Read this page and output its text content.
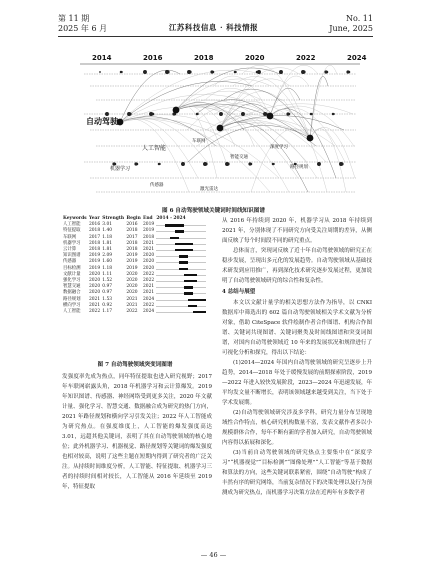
第 11 期
2025 年 6 月	江苏科技信息 · 科技情报
No. 11
June, 2025
2014	2016	2018	2020	2022	2024
自动驾驶
人工智能
机器学习
车联网
智能交通
深度学习
路径规划
传感器
激光雷达
图 6 自动驾驶领域关键词时间线知识图谱
Keywords	Year	Strength	Begin	End	2014 - 2024
人工智能	2016	3.01	2016	2019	

特征提取	2018	1.40	2018	2019	

车联网	2017	1.18	2017	2018	

机器学习	2018	1.81	2018	2021	

云计算	2018	1.81	2018	2021	

知识图谱	2019	2.09	2019	2020	

传感器	2019	1.60	2019	2020	

目标检测	2019	1.18	2019	2020	

文献计量	2020	1.11	2020	2022	

强化学习	2020	1.52	2020	2022	

智慧交通	2020	0.97	2020	2021	

数据融合	2020	0.97	2020	2021	

路径规划	2021	1.53	2021	2024	

横向学习	2021	0.92	2021	2022	

人工智能	2022	1.17	2022	2024	
图 7 自动驾驶领域突变词图谱

发强度率先成为热点，同年特征提取也进入研究视野；2017 年车联网崭露头角，2018 年机器学习和云计算爆发。2019 年知识图谱、传感器、神经网络受到更多关注，2020 年文献计量、强化学习、智慧交通、数据融合成为研究的热门方向，2021 年路径规划和横向学习引发关注；2022 年人工智能成为研究热点。在强度维度上，人工智能的爆发强度高达 3.01，远超其他关键词，表明了其在自动驾驶领域的核心地位；此外机器学习、机器视觉、路径规划等关键词的爆发强度也相对较高，说明了这些主题在短期内得到了研究者的广泛关注。从持续时间维度分析，人工智能、特征提取、机器学习三者的持续时间相对较长，人工智能从 2016 年延续至 2019 年，特征提取

从 2016 年持续到 2020 年，机器学习从 2018 年持续到 2021 年，分别体现了不同研究方向受关注周期的差异，从侧面反映了每个时间段不同的研究重点。

总体而言，突现词反映了近十年自动驾驶领域的研究正在稳步发展，呈现出多元化的发展趋势。自动驾驶领域从基础技术研发到应用推广，再到深化技术研究逐步发展过程，更加说明了自动驾驶领域研究的综合性和复杂性。

4 总结与展望

本文以文献计量学的相关思想方法作为指导，以 CNKI 数据库中筛选出的 602 篇自动驾驶领域相关学术文献为分析对象，借助 CiteSpace 软件绘制作者合作图谱、机构合作图谱、关键词共现图谱、关键词聚类及时间线图谱和突变词图谱，对国内自动驾驶领域近 10 年来的发展状况和规律进行了可视化分析和探究，得出以下结论：

(1)2014—2024 年国内自动驾驶领域的研究呈逐步上升趋势，2014—2018 年处于缓慢发展的前期探索阶段，2019—2022 年进入较快发展阶段，2023—2024 年迅速发展，年平均发文量不断增长，表明该领域越来越受到关注，当下处于学术发展期。

(2)自动驾驶领域研究涉及多学科，研究力量分布呈现地域性合作特点，核心研究机构数量不富，发表文献作者多以小规模群体合作，每年不断有新的学者加入研究，自动驾驶领域内容得以拓展和深化。

(3)当前自动驾驶领域的研究热点主要集中在“深度学习”“机器视觉”“目标检测”“图像处理”“人工智能”等基于数据和算法的方向，这些关键词联系紧密，围绕“自动驾驶”构成了丰然有序的研究网络，当前复杂情况下的决策处理以及行为预测成为研究热点，而机器学习决策方法在近两年有多数学者

— 46 —
